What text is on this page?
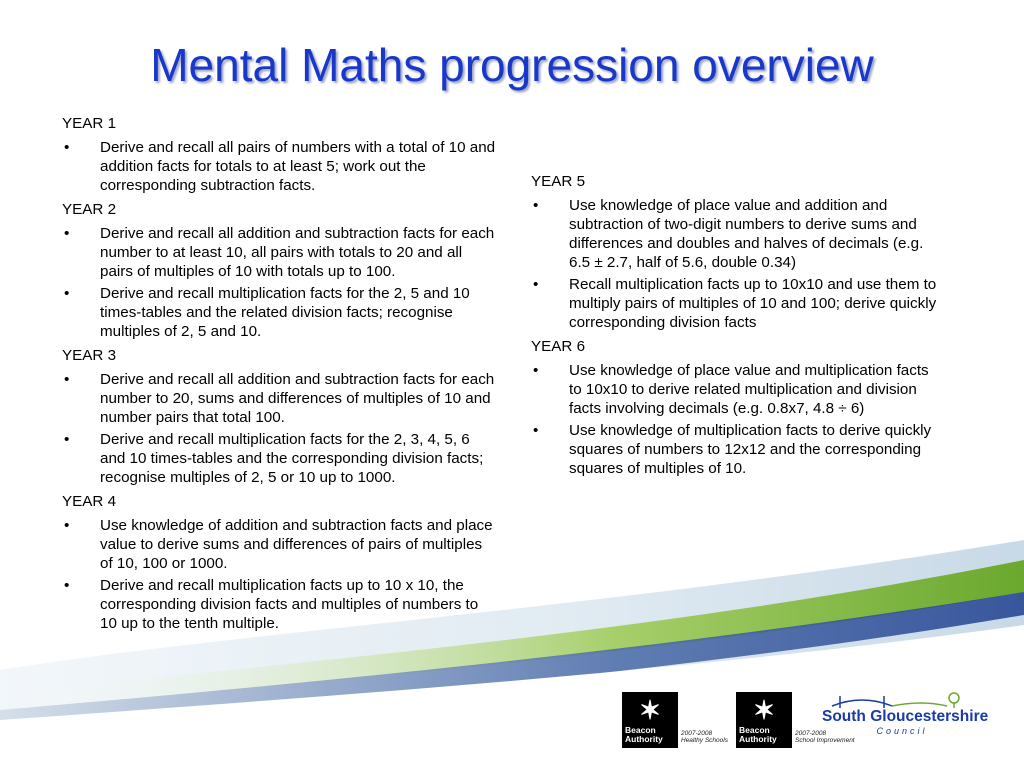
Mental Maths progression overview
YEAR 1
• Derive and recall all pairs of numbers with a total of 10 and addition facts for totals to at least 5; work out the corresponding subtraction facts.
YEAR 2
• Derive and recall all addition and subtraction facts for each number to at least 10, all pairs with totals to 20 and all pairs of multiples of 10 with totals up to 100.
• Derive and recall multiplication facts for the 2, 5 and 10 times-tables and the related division facts; recognise multiples of 2, 5 and 10.
YEAR 3
• Derive and recall all addition and subtraction facts for each number to 20, sums and differences of multiples of 10 and number pairs that total 100.
• Derive and recall multiplication facts for the 2, 3, 4, 5, 6 and 10 times-tables and the corresponding division facts; recognise multiples of 2, 5 or 10 up to 1000.
YEAR 4
• Use knowledge of addition and subtraction facts and place value to derive sums and differences of pairs of multiples of 10, 100 or 1000.
• Derive and recall multiplication facts up to 10 x 10, the corresponding division facts and multiples of numbers to 10 up to the tenth multiple.
YEAR 5
• Use knowledge of place value and addition and subtraction of two-digit numbers to derive sums and differences and doubles and halves of decimals (e.g. 6.5 ± 2.7, half of 5.6, double 0.34)
• Recall multiplication facts up to 10x10 and use them to multiply pairs of multiples of 10 and 100; derive quickly corresponding division facts
YEAR 6
• Use knowledge of place value and multiplication facts to 10x10 to derive related multiplication and division facts involving decimals (e.g. 0.8x7, 4.8 ÷ 6)
• Use knowledge of multiplication facts to derive quickly squares of numbers to 12x12 and the corresponding squares of multiples of 10.
✶
Beacon
Authority
2007-2008
Healthy Schools
✶
Beacon
Authority
2007-2008
School Improvement
South Gloucestershire
Council
